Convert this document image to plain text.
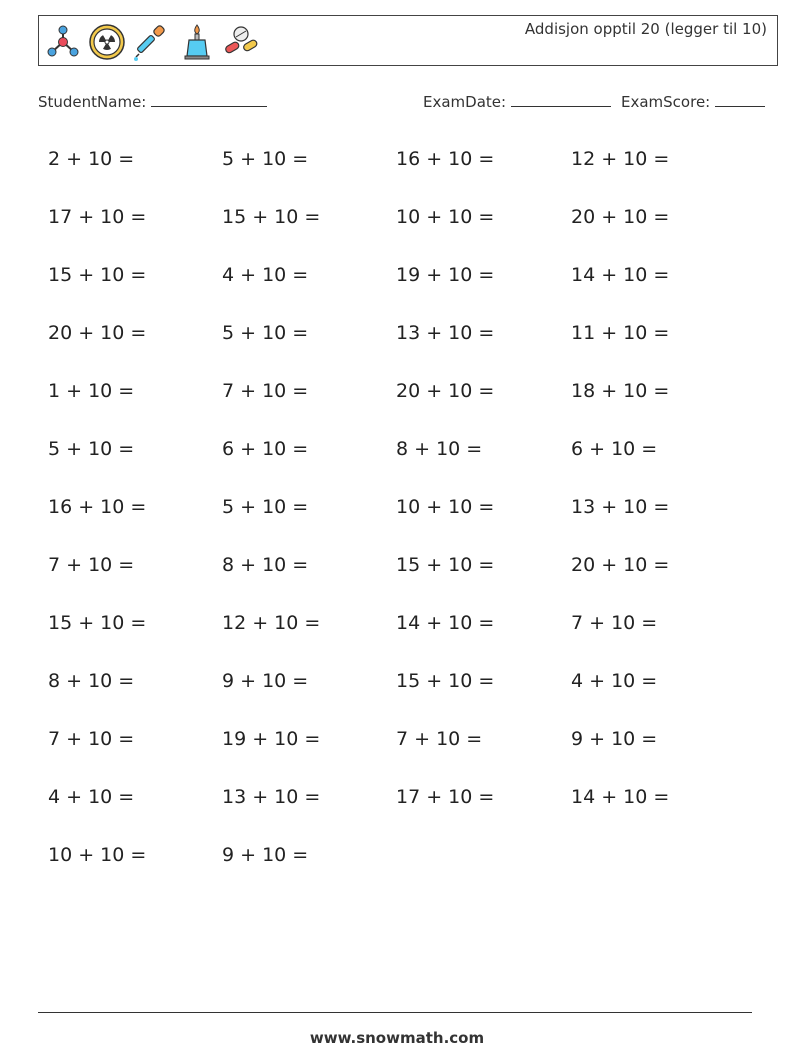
Addisjon opptil 20 (legger til 10)
StudentName:	ExamDate:	ExamScore:
2 + 10 =	5 + 10 =	16 + 10 =	12 + 10 =
17 + 10 =	15 + 10 =	10 + 10 =	20 + 10 =
15 + 10 =	4 + 10 =	19 + 10 =	14 + 10 =
20 + 10 =	5 + 10 =	13 + 10 =	11 + 10 =
1 + 10 =	7 + 10 =	20 + 10 =	18 + 10 =
5 + 10 =	6 + 10 =	8 + 10 =	6 + 10 =
16 + 10 =	5 + 10 =	10 + 10 =	13 + 10 =
7 + 10 =	8 + 10 =	15 + 10 =	20 + 10 =
15 + 10 =	12 + 10 =	14 + 10 =	7 + 10 =
8 + 10 =	9 + 10 =	15 + 10 =	4 + 10 =
7 + 10 =	19 + 10 =	7 + 10 =	9 + 10 =
4 + 10 =	13 + 10 =	17 + 10 =	14 + 10 =
10 + 10 =	9 + 10 =
www.snowmath.com
